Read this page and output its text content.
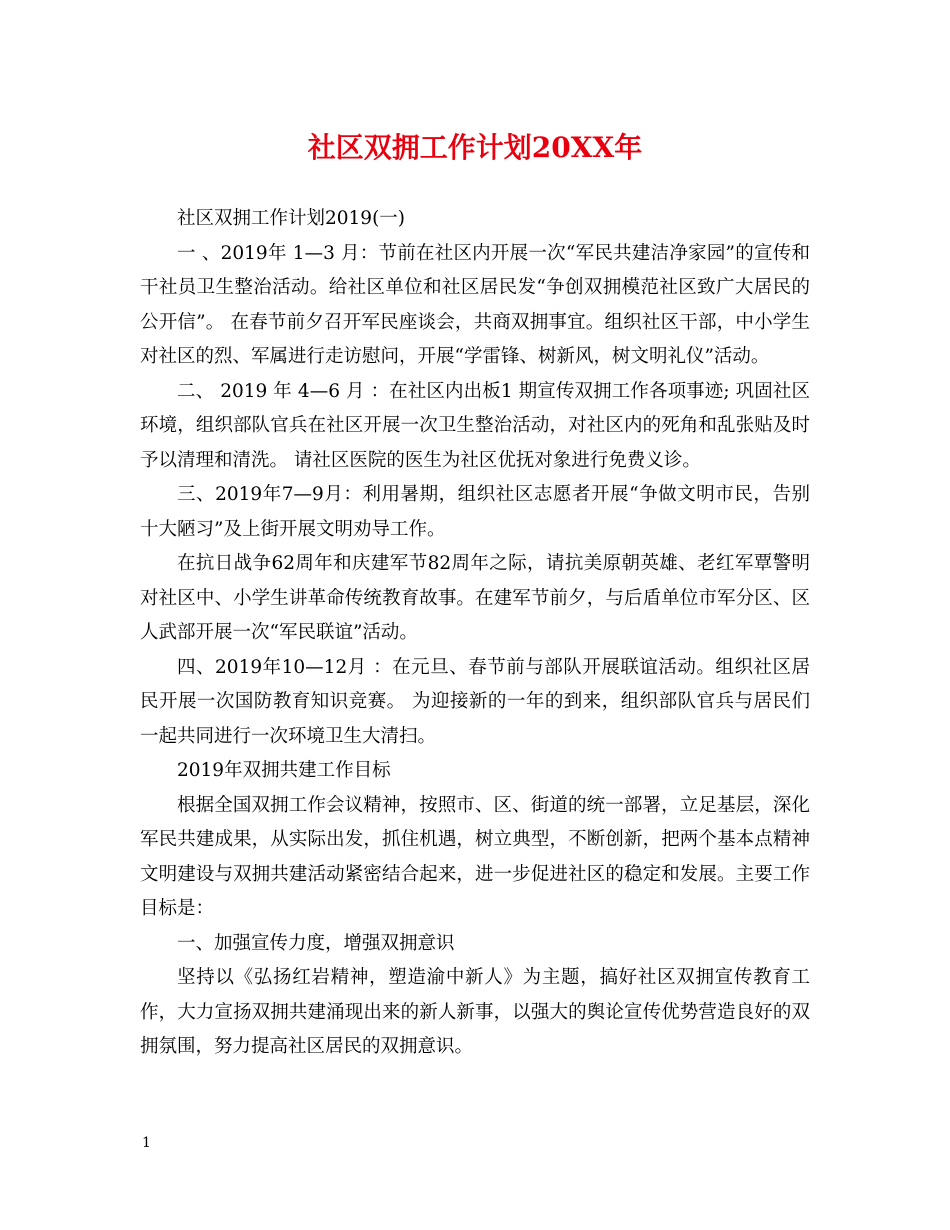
社区双拥工作计划20XX年

社区双拥工作计划2019(一)

一 、2019年 1—3 月：节前在社区内开展一次“军民共建洁净家园”的宣传和干社员卫生整治活动。给社区单位和社区居民发“争创双拥模范社区致广大居民的公开信”。 在春节前夕召开军民座谈会，共商双拥事宜。组织社区干部，中小学生对社区的烈、军属进行走访慰问，开展“学雷锋、树新风，树文明礼仪”活动。

二、 2019 年 4—6 月 ：在社区内出板1 期宣传双拥工作各项事迹; 巩固社区环境，组织部队官兵在社区开展一次卫生整治活动，对社区内的死角和乱张贴及时予以清理和清洗。 请社区医院的医生为社区优抚对象进行免费义诊。

三、2019年7—9月：利用暑期，组织社区志愿者开展“争做文明市民，告别十大陋习”及上街开展文明劝导工作。

在抗日战争62周年和庆建军节82周年之际，请抗美原朝英雄、老红军覃警明对社区中、小学生讲革命传统教育故事。在建军节前夕，与后盾单位市军分区、区人武部开展一次“军民联谊”活动。

四、2019年10—12月 ：在元旦、春节前与部队开展联谊活动。组织社区居民开展一次国防教育知识竞赛。 为迎接新的一年的到来，组织部队官兵与居民们一起共同进行一次环境卫生大清扫。

2019年双拥共建工作目标

根据全国双拥工作会议精神，按照市、区、街道的统一部署，立足基层，深化军民共建成果，从实际出发，抓住机遇，树立典型，不断创新，把两个基本点精神文明建设与双拥共建活动紧密结合起来，进一步促进社区的稳定和发展。主要工作目标是：

一、加强宣传力度，增强双拥意识

坚持以《弘扬红岩精神，塑造渝中新人》为主题，搞好社区双拥宣传教育工作，大力宣扬双拥共建涌现出来的新人新事，以强大的舆论宣传优势营造良好的双拥氛围，努力提高社区居民的双拥意识。

1
